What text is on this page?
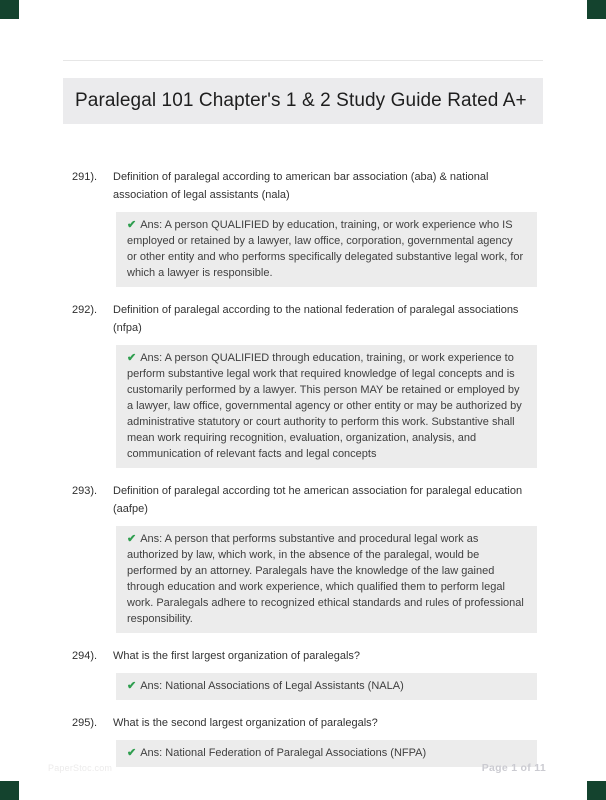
Paralegal 101 Chapter's 1 & 2 Study Guide Rated A+
291).	Definition of paralegal according to american bar association (aba) & national association of legal assistants (nala)
✔ Ans: A person QUALIFIED by education, training, or work experience who IS employed or retained by a lawyer, law office, corporation, governmental agency or other entity and who performs specifically delegated substantive legal work, for which a lawyer is responsible.
292).	Definition of paralegal according to the national federation of paralegal associations (nfpa)
✔ Ans: A person QUALIFIED through education, training, or work experience to perform substantive legal work that required knowledge of legal concepts and is customarily performed by a lawyer. This person MAY be retained or employed by a lawyer, law office, governmental agency or other entity or may be authorized by administrative statutory or court authority to perform this work. Substantive shall mean work requiring recognition, evaluation, organization, analysis, and communication of relevant facts and legal concepts
293).	Definition of paralegal according tot he american association for paralegal education (aafpe)
✔ Ans: A person that performs substantive and procedural legal work as authorized by law, which work, in the absence of the paralegal, would be performed by an attorney. Paralegals have the knowledge of the law gained through education and work experience, which qualified them to perform legal work. Paralegals adhere to recognized ethical standards and rules of professional responsibility.
294).	What is the first largest organization of paralegals?
✔ Ans: National Associations of Legal Assistants (NALA)
295).	What is the second largest organization of paralegals?
✔ Ans: National Federation of Paralegal Associations (NFPA)
PaperStoc.com	Page 1 of 11
